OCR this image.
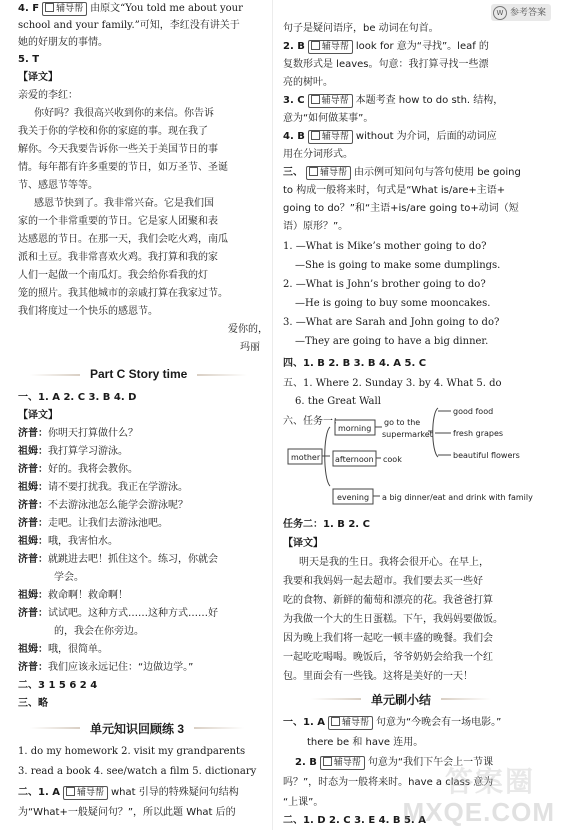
W 参考答案
4. F 辅导帮 由原文“You told me about your
school and your family.”可知，李红没有讲关于
她的好朋友的事情。
5. T
【译文】
亲爱的李红：
你好吗？我很高兴收到你的来信。你告诉
我关于你的学校和你的家庭的事。现在我了
解你。今天我要告诉你一些关于美国节日的事
情。每年都有许多重要的节日，如万圣节、圣诞
节、感恩节等等。
感恩节快到了。我非常兴奋。它是我们国
家的一个非常重要的节日。它是家人团聚和表
达感恩的节日。在那一天，我们会吃火鸡，南瓜
派和土豆。我非常喜欢火鸡。我打算和我的家
人们一起做一个南瓜灯。我会给你看我的灯
笼的照片。我其他城市的亲戚打算在我家过节。
我们将度过一个快乐的感恩节。
爱你的，
玛丽
Part C Story time
一、1. A 2. C 3. B 4. D
【译文】
济普：你明天打算做什么？
祖姆：我打算学习游泳。
济普：好的。我将会教你。
祖姆：请不要打扰我。我正在学游泳。
济普：不去游泳池怎么能学会游泳呢？
济普：走吧。让我们去游泳池吧。
祖姆：哦，我害怕水。
济普：就跳进去吧！抓住这个。练习，你就会
学会。
祖姆：救命啊！救命啊！
济普：试试吧。这种方式……这种方式……好
的，我会在你旁边。
祖姆：哦，很简单。
济普：我们应该永远记住：“边做边学。”
二、3 1 5 6 2 4
三、略
单元知识回顾练 3
1. do my homework 2. visit my grandparents
3. read a book 4. see/watch a film 5. dictionary
二、1. A 辅导帮 what 引导的特殊疑问句结构
为“What+一般疑问句？”，所以此题 What 后的
句子是疑问语序，be 动词在句首。
2. B 辅导帮 look for 意为“寻找”。leaf 的
复数形式是 leaves。句意：我打算寻找一些漂
亮的树叶。
3. C 辅导帮 本题考查 how to do sth. 结构，
意为“如何做某事”。
4. B 辅导帮 without 为介词，后面的动词应
用在分词形式。
三、 辅导帮 由示例可知问句与答句使用 be going
to 构成一般将来时，句式是“What is/are+主语+
going to do？”和“主语+is/are going to+动词（短
语）原形？”。
1. —What is Mike’s mother going to do?
—She is going to make some dumplings.
2. —What is John’s brother going to do?
—He is going to buy some mooncakes.
3. —What are Sarah and John going to do?
—They are going to have a big dinner.
四、1. B 2. B 3. B 4. A 5. C
五、1. Where 2. Sunday 3. by 4. What 5. do
6. the Great Wall
六、任务一：
mother
morning
afternoon
evening
go to the
supermarket
good food
fresh grapes
beautiful flowers
cook
a big dinner/eat and drink with family
任务二：1. B 2. C
【译文】
明天是我的生日。我将会很开心。在早上，
我要和我妈妈一起去超市。我们要去买一些好
吃的食物、新鲜的葡萄和漂亮的花。我爸爸打算
为我做一个大的生日蛋糕。下午，我妈妈要做饭。
因为晚上我们将一起吃一顿丰盛的晚餐。我们会
一起吃吃喝喝。晚饭后，爷爷奶奶会给我一个红
包。里面会有一些钱。这将是美好的一天！
单元刷小结
一、1. A 辅导帮 句意为“今晚会有一场电影。”
there be 和 have 连用。
2. B 辅导帮 句意为“我们下午会上一节课
吗？”，时态为一般将来时。have a class 意为
“上课”。
二、1. D 2. C 3. E 4. B 5. A
答案圈
MXQE.COM
